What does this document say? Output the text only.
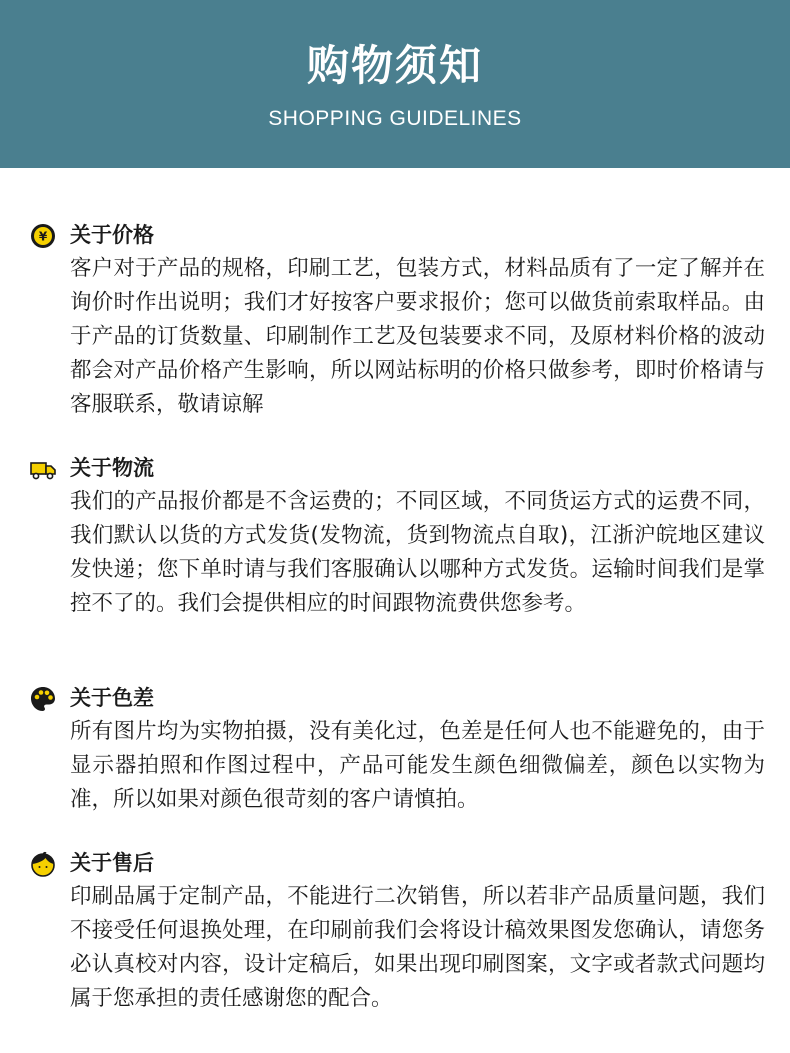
购物须知
SHOPPING GUIDELINES
¥ 关于价格
客户对于产品的规格，印刷工艺，包装方式，材料品质有了一定了解并在询价时作出说明；我们才好按客户要求报价；您可以做货前索取样品。由于产品的订货数量、印刷制作工艺及包装要求不同，及原材料价格的波动都会对产品价格产生影响，所以网站标明的价格只做参考，即时价格请与客服联系，敬请谅解
关于物流
我们的产品报价都是不含运费的；不同区域，不同货运方式的运费不同，我们默认以货的方式发货(发物流，货到物流点自取)，江浙沪皖地区建议发快递；您下单时请与我们客服确认以哪种方式发货。运输时间我们是掌控不了的。我们会提供相应的时间跟物流费供您参考。
关于色差
所有图片均为实物拍摄，没有美化过，色差是任何人也不能避免的，由于显示器拍照和作图过程中，产品可能发生颜色细微偏差，颜色以实物为准，所以如果对颜色很苛刻的客户请慎拍。
关于售后
印刷品属于定制产品，不能进行二次销售，所以若非产品质量问题，我们不接受任何退换处理，在印刷前我们会将设计稿效果图发您确认，请您务必认真校对内容，设计定稿后，如果出现印刷图案，文字或者款式问题均属于您承担的责任感谢您的配合。
